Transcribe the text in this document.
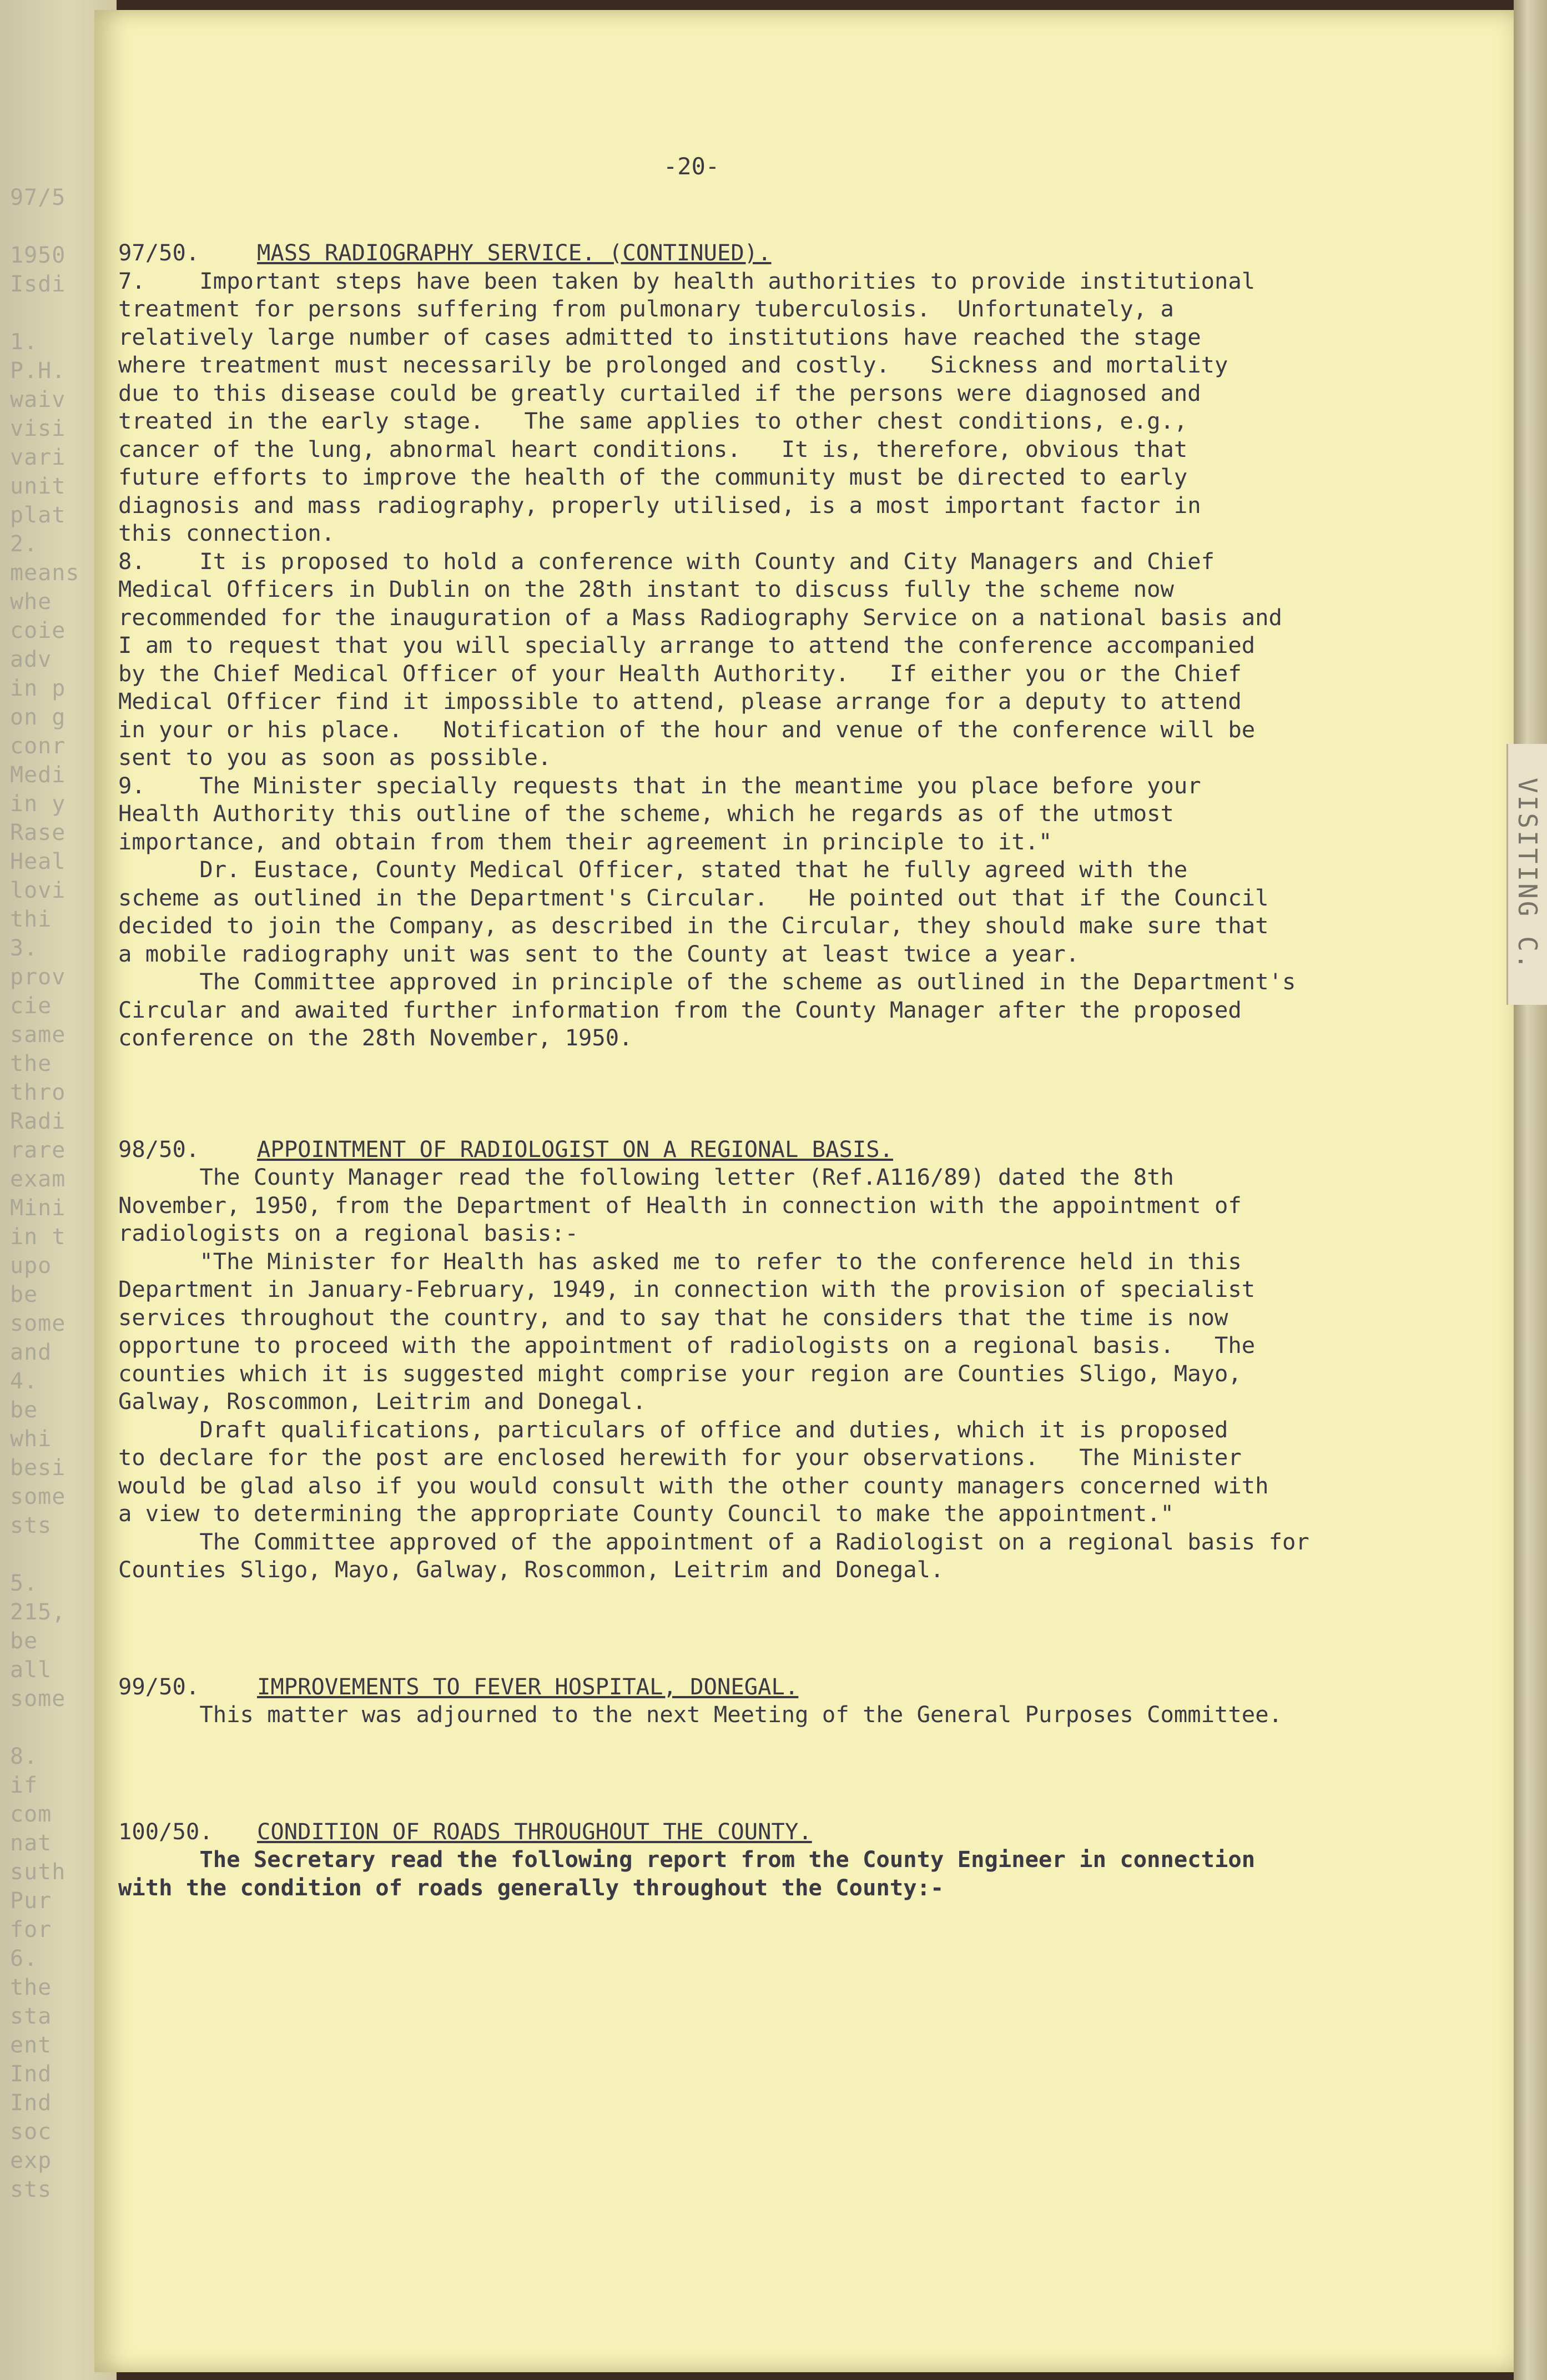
97/5

1950
Isdi

1.
P.H.
waiv
visi
vari
unit
plat
2.
means
whe
coie
adv
in p
on g
conr
Medi
in y
Rase
Heal
lovi
thi
3.
prov
cie
same
the
thro
Radi
rare
exam
Mini
in t
upo
be
some
and
4.
be
whi
besi
some
sts

5.
215,
be
all
some

8.
if
com
nat
suth
Pur
for
6.
the
sta
ent
Ind
Ind
soc
exp
sts
VISITING C.
-20-
97/50.	MASS RADIOGRAPHY SERVICE. (CONTINUED).

7.    Important steps have been taken by health authorities to provide institutional
treatment for persons suffering from pulmonary tuberculosis.  Unfortunately, a
relatively large number of cases admitted to institutions have reached the stage
where treatment must necessarily be prolonged and costly.   Sickness and mortality
due to this disease could be greatly curtailed if the persons were diagnosed and
treated in the early stage.   The same applies to other chest conditions, e.g.,
cancer of the lung, abnormal heart conditions.   It is, therefore, obvious that
future efforts to improve the health of the community must be directed to early
diagnosis and mass radiography, properly utilised, is a most important factor in
this connection.

8.    It is proposed to hold a conference with County and City Managers and Chief
Medical Officers in Dublin on the 28th instant to discuss fully the scheme now
recommended for the inauguration of a Mass Radiography Service on a national basis and
I am to request that you will specially arrange to attend the conference accompanied
by the Chief Medical Officer of your Health Authority.   If either you or the Chief
Medical Officer find it impossible to attend, please arrange for a deputy to attend
in your or his place.   Notification of the hour and venue of the conference will be
sent to you as soon as possible.

9.    The Minister specially requests that in the meantime you place before your
Health Authority this outline of the scheme, which he regards as of the utmost
importance, and obtain from them their agreement in principle to it."

Dr. Eustace, County Medical Officer, stated that he fully agreed with the
scheme as outlined in the Department's Circular.   He pointed out that if the Council
decided to join the Company, as described in the Circular, they should make sure that
a mobile radiography unit was sent to the County at least twice a year.

The Committee approved in principle of the scheme as outlined in the Department's
Circular and awaited further information from the County Manager after the proposed
conference on the 28th November, 1950.

98/50.	APPOINTMENT OF RADIOLOGIST ON A REGIONAL BASIS.

The County Manager read the following letter (Ref.A116/89) dated the 8th
November, 1950, from the Department of Health in connection with the appointment of
radiologists on a regional basis:-

"The Minister for Health has asked me to refer to the conference held in this
Department in January-February, 1949, in connection with the provision of specialist
services throughout the country, and to say that he considers that the time is now
opportune to proceed with the appointment of radiologists on a regional basis.   The
counties which it is suggested might comprise your region are Counties Sligo, Mayo,
Galway, Roscommon, Leitrim and Donegal.

Draft qualifications, particulars of office and duties, which it is proposed
to declare for the post are enclosed herewith for your observations.   The Minister
would be glad also if you would consult with the other county managers concerned with
a view to determining the appropriate County Council to make the appointment."

The Committee approved of the appointment of a Radiologist on a regional basis for
Counties Sligo, Mayo, Galway, Roscommon, Leitrim and Donegal.

99/50.	IMPROVEMENTS TO FEVER HOSPITAL, DONEGAL.

This matter was adjourned to the next Meeting of the General Purposes Committee.

100/50.	CONDITION OF ROADS THROUGHOUT THE COUNTY.

The Secretary read the following report from the County Engineer in connection
with the condition of roads generally throughout the County:-
